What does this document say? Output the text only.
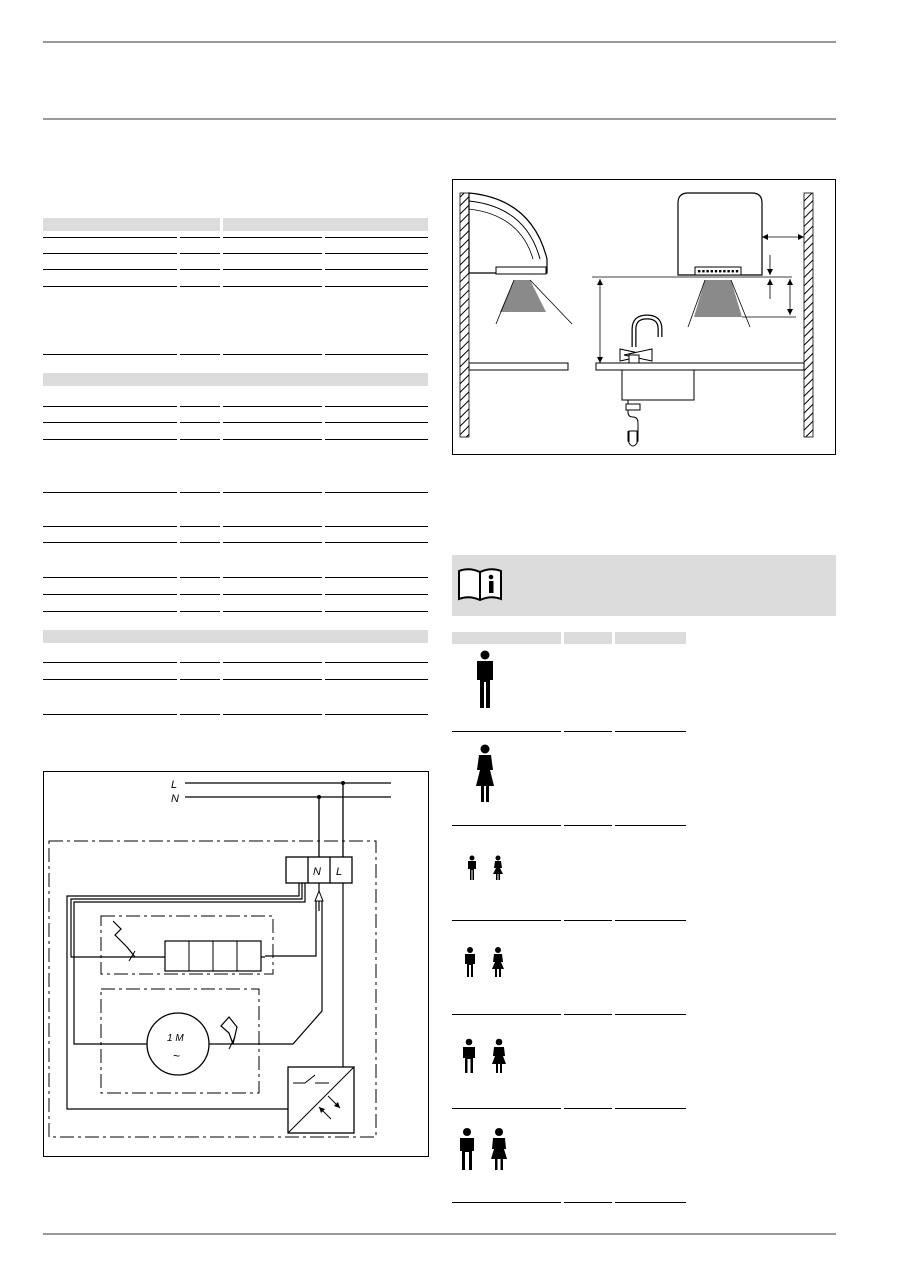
L
N
N L
1 M
~
